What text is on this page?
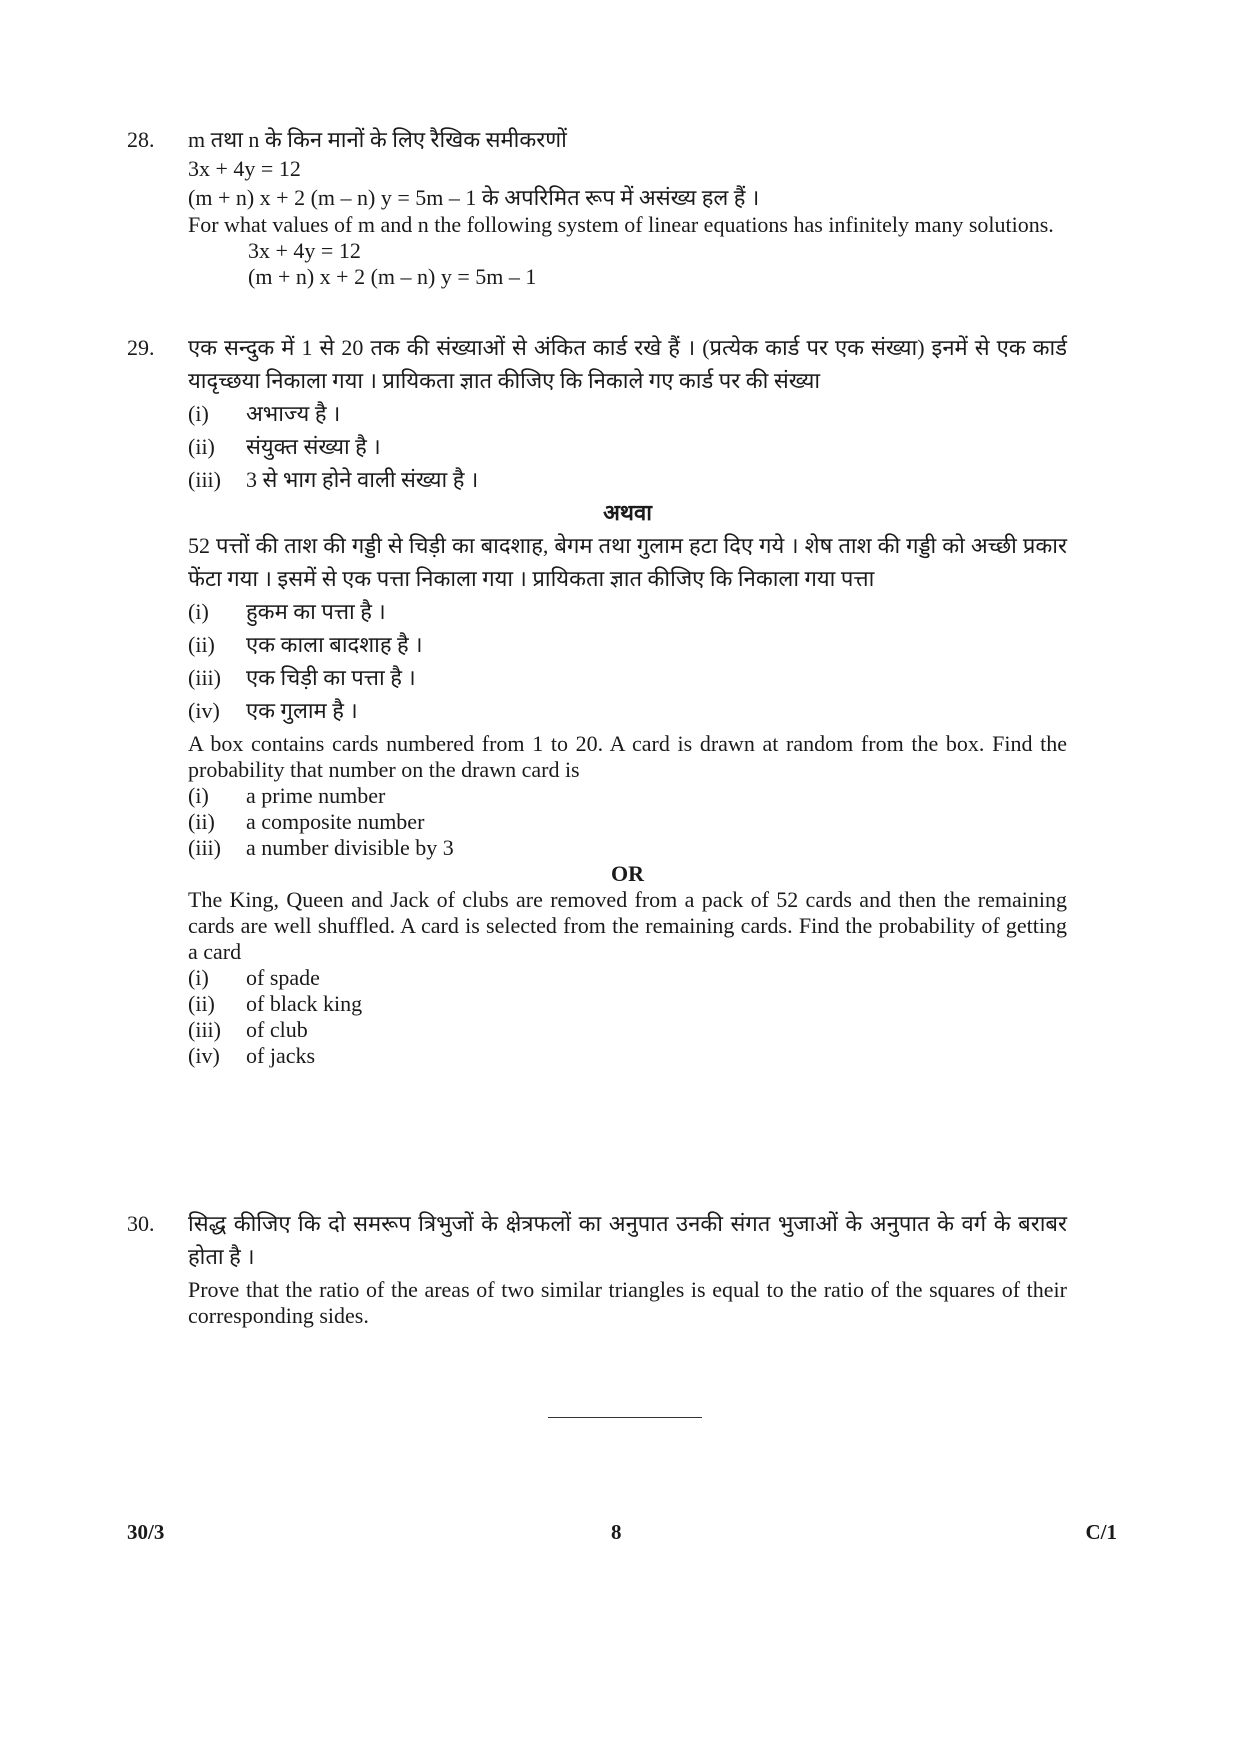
28.	m तथा n के किन मानों के लिए रैखिक समीकरणों
3x + 4y = 12
(m + n) x + 2 (m – n) y = 5m – 1 के अपरिमित रूप में असंख्य हल हैं ।
For what values of m and n the following system of linear equations has infinitely many solutions.
3x + 4y = 12
(m + n) x + 2 (m – n) y = 5m – 1
29.	एक सन्दुक में 1 से 20 तक की संख्याओं से अंकित कार्ड रखे हैं । (प्रत्येक कार्ड पर एक संख्या) इनमें से एक कार्ड यादृच्छया निकाला गया । प्रायिकता ज्ञात कीजिए कि निकाले गए कार्ड पर की संख्या
(i)	अभाज्य है ।
(ii)	संयुक्त संख्या है ।
(iii)	3 से भाग होने वाली संख्या है ।
अथवा
52 पत्तों की ताश की गड्डी से चिड़ी का बादशाह, बेगम तथा गुलाम हटा दिए गये । शेष ताश की गड्डी को अच्छी प्रकार फेंटा गया । इसमें से एक पत्ता निकाला गया । प्रायिकता ज्ञात कीजिए कि निकाला गया पत्ता
(i)	हुकम का पत्ता है ।
(ii)	एक काला बादशाह है ।
(iii)	एक चिड़ी का पत्ता है ।
(iv)	एक गुलाम है ।
A box contains cards numbered from 1 to 20. A card is drawn at random from the box. Find the probability that number on the drawn card is
(i)	a prime number
(ii)	a composite number
(iii)	a number divisible by 3
OR
The King, Queen and Jack of clubs are removed from a pack of 52 cards and then the remaining cards are well shuffled. A card is selected from the remaining cards. Find the probability of getting a card
(i)	of spade
(ii)	of black king
(iii)	of club
(iv)	of jacks
30.	सिद्ध कीजिए कि दो समरूप त्रिभुजों के क्षेत्रफलों का अनुपात उनकी संगत भुजाओं के अनुपात के वर्ग के बराबर होता है ।
Prove that the ratio of the areas of two similar triangles is equal to the ratio of the squares of their corresponding sides.
30/3	8	C/1
